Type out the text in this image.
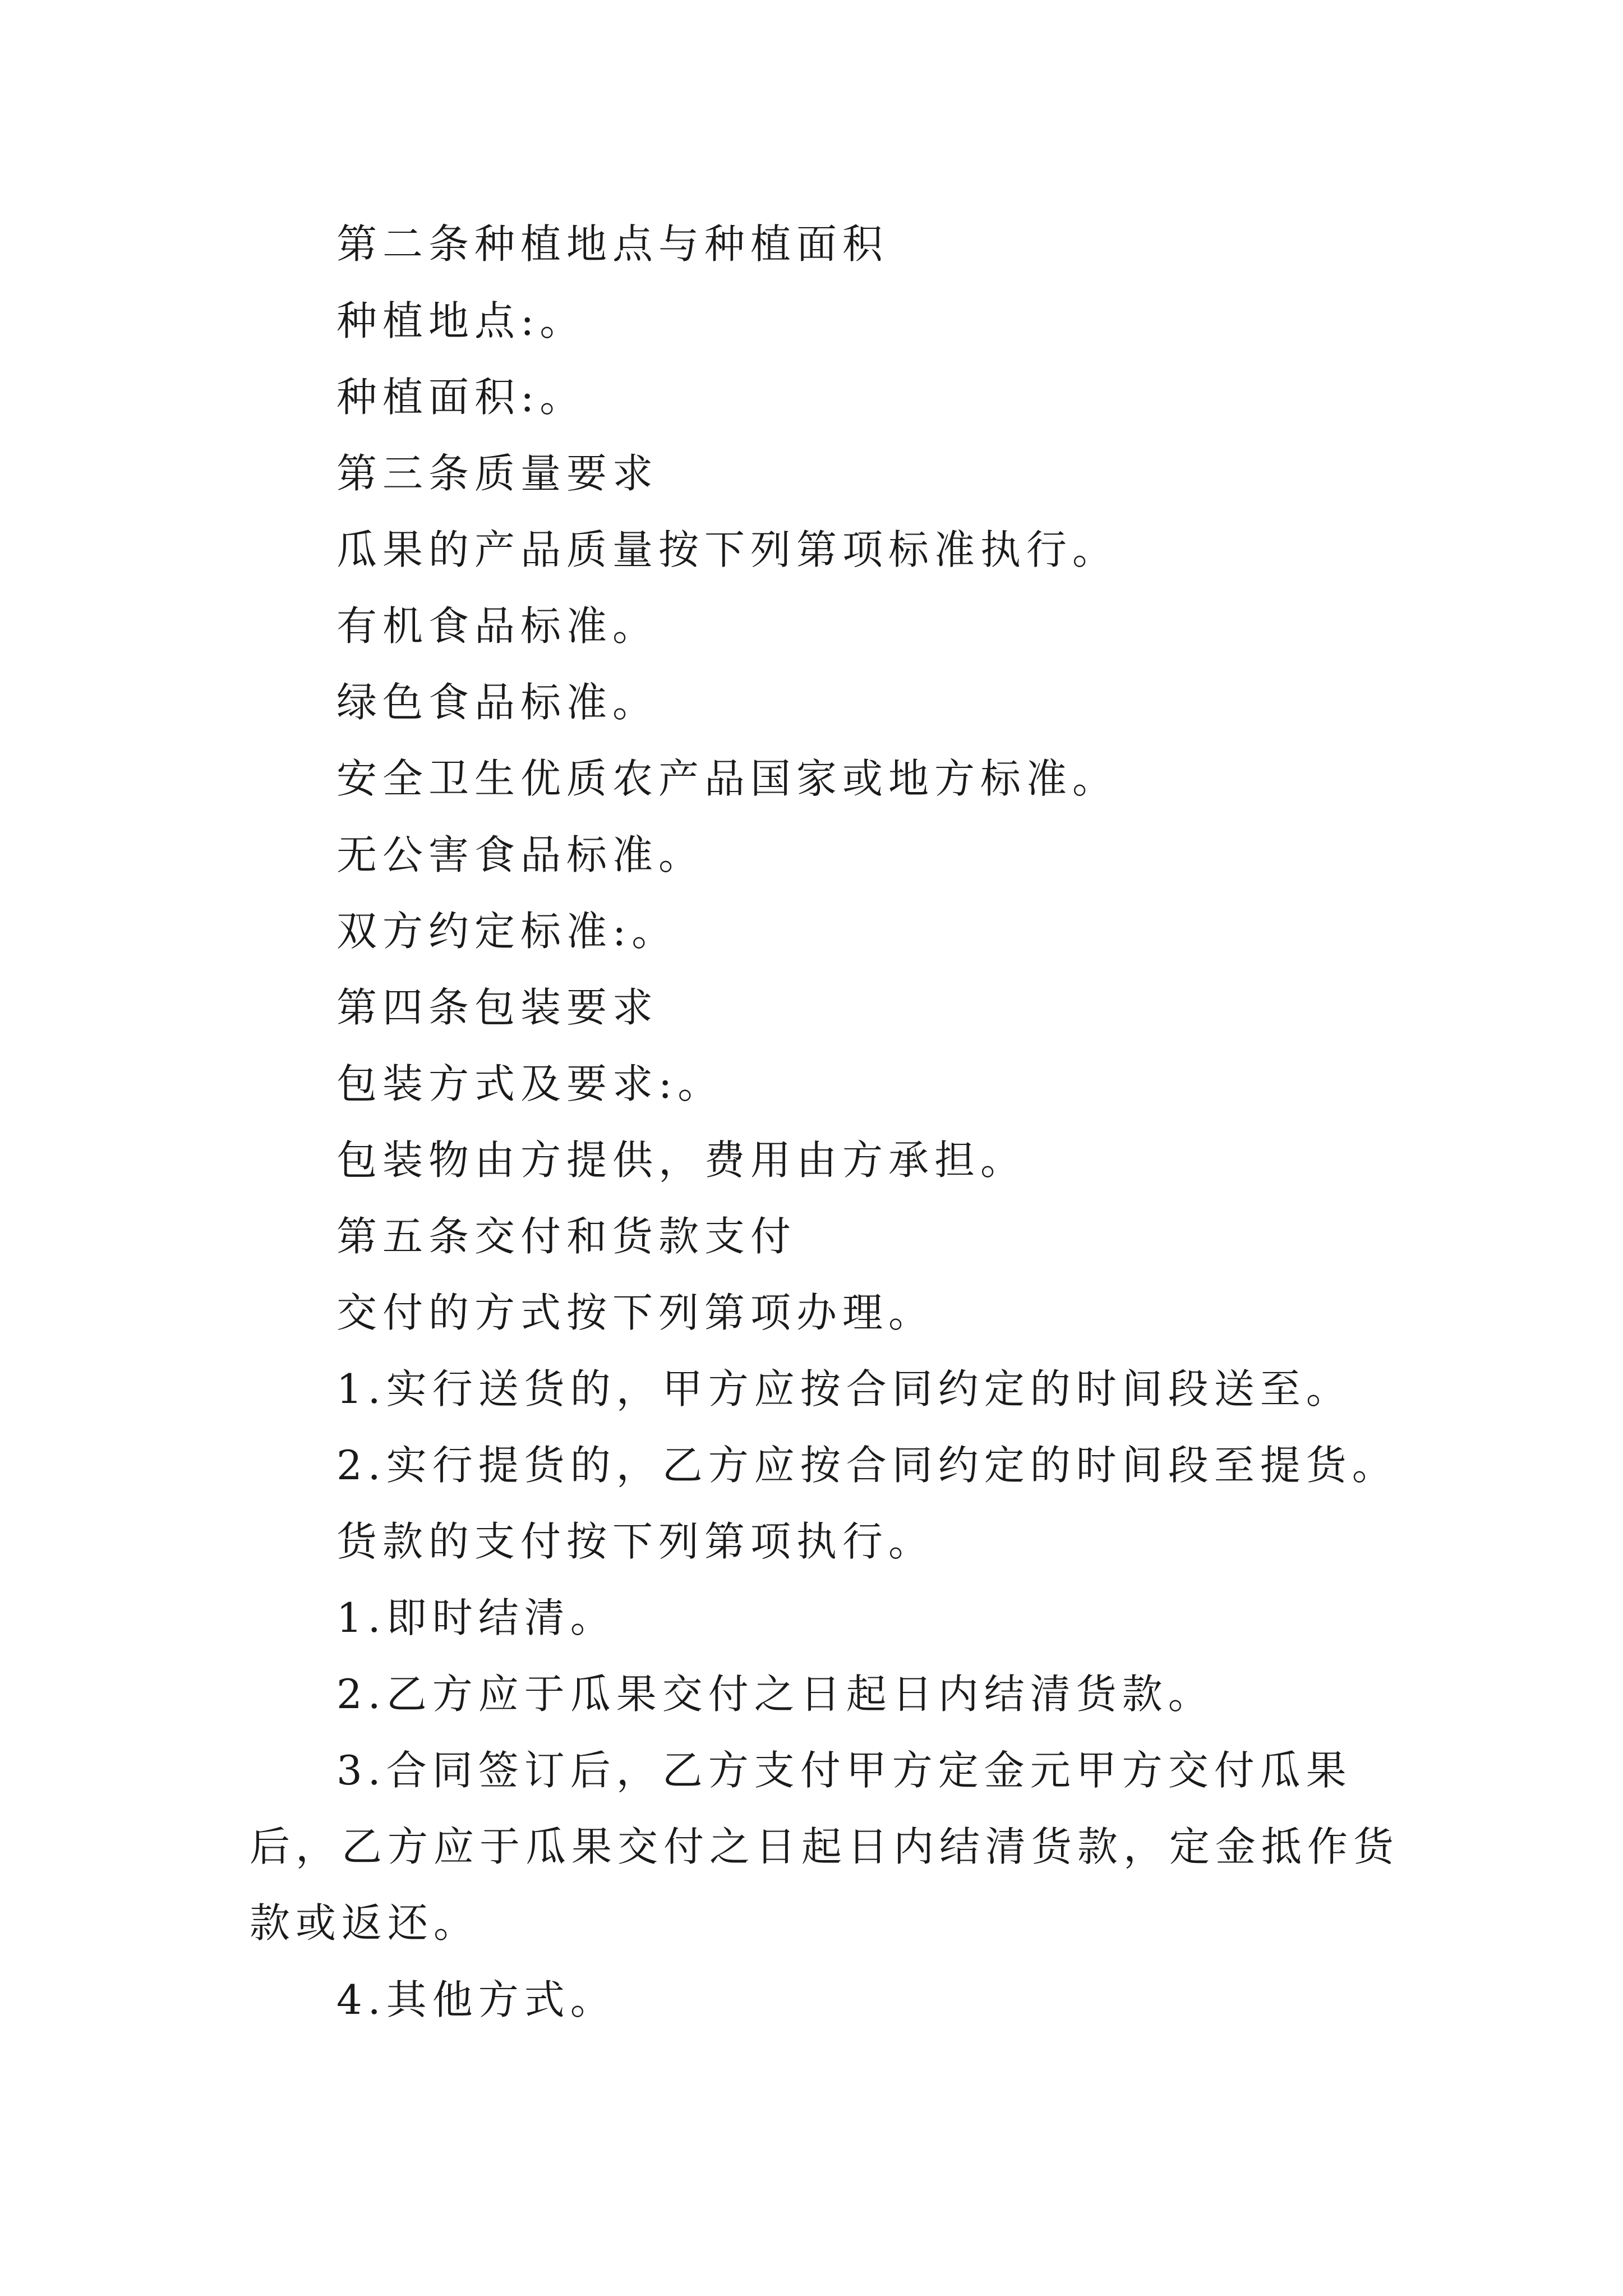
第二条种植地点与种植面积
种植地点:。
种植面积:。
第三条质量要求
瓜果的产品质量按下列第项标准执行。
有机食品标准。
绿色食品标准。
安全卫生优质农产品国家或地方标准。
无公害食品标准。
双方约定标准:。
第四条包装要求
包装方式及要求:。
包装物由方提供，费用由方承担。
第五条交付和货款支付
交付的方式按下列第项办理。
1.实行送货的，甲方应按合同约定的时间段送至。
2.实行提货的，乙方应按合同约定的时间段至提货。
货款的支付按下列第项执行。
1.即时结清。
2.乙方应于瓜果交付之日起日内结清货款。
3.合同签订后，乙方支付甲方定金元甲方交付瓜果后，乙方应于瓜果交付之日起日内结清货款，定金抵作货款或返还。
4.其他方式。
